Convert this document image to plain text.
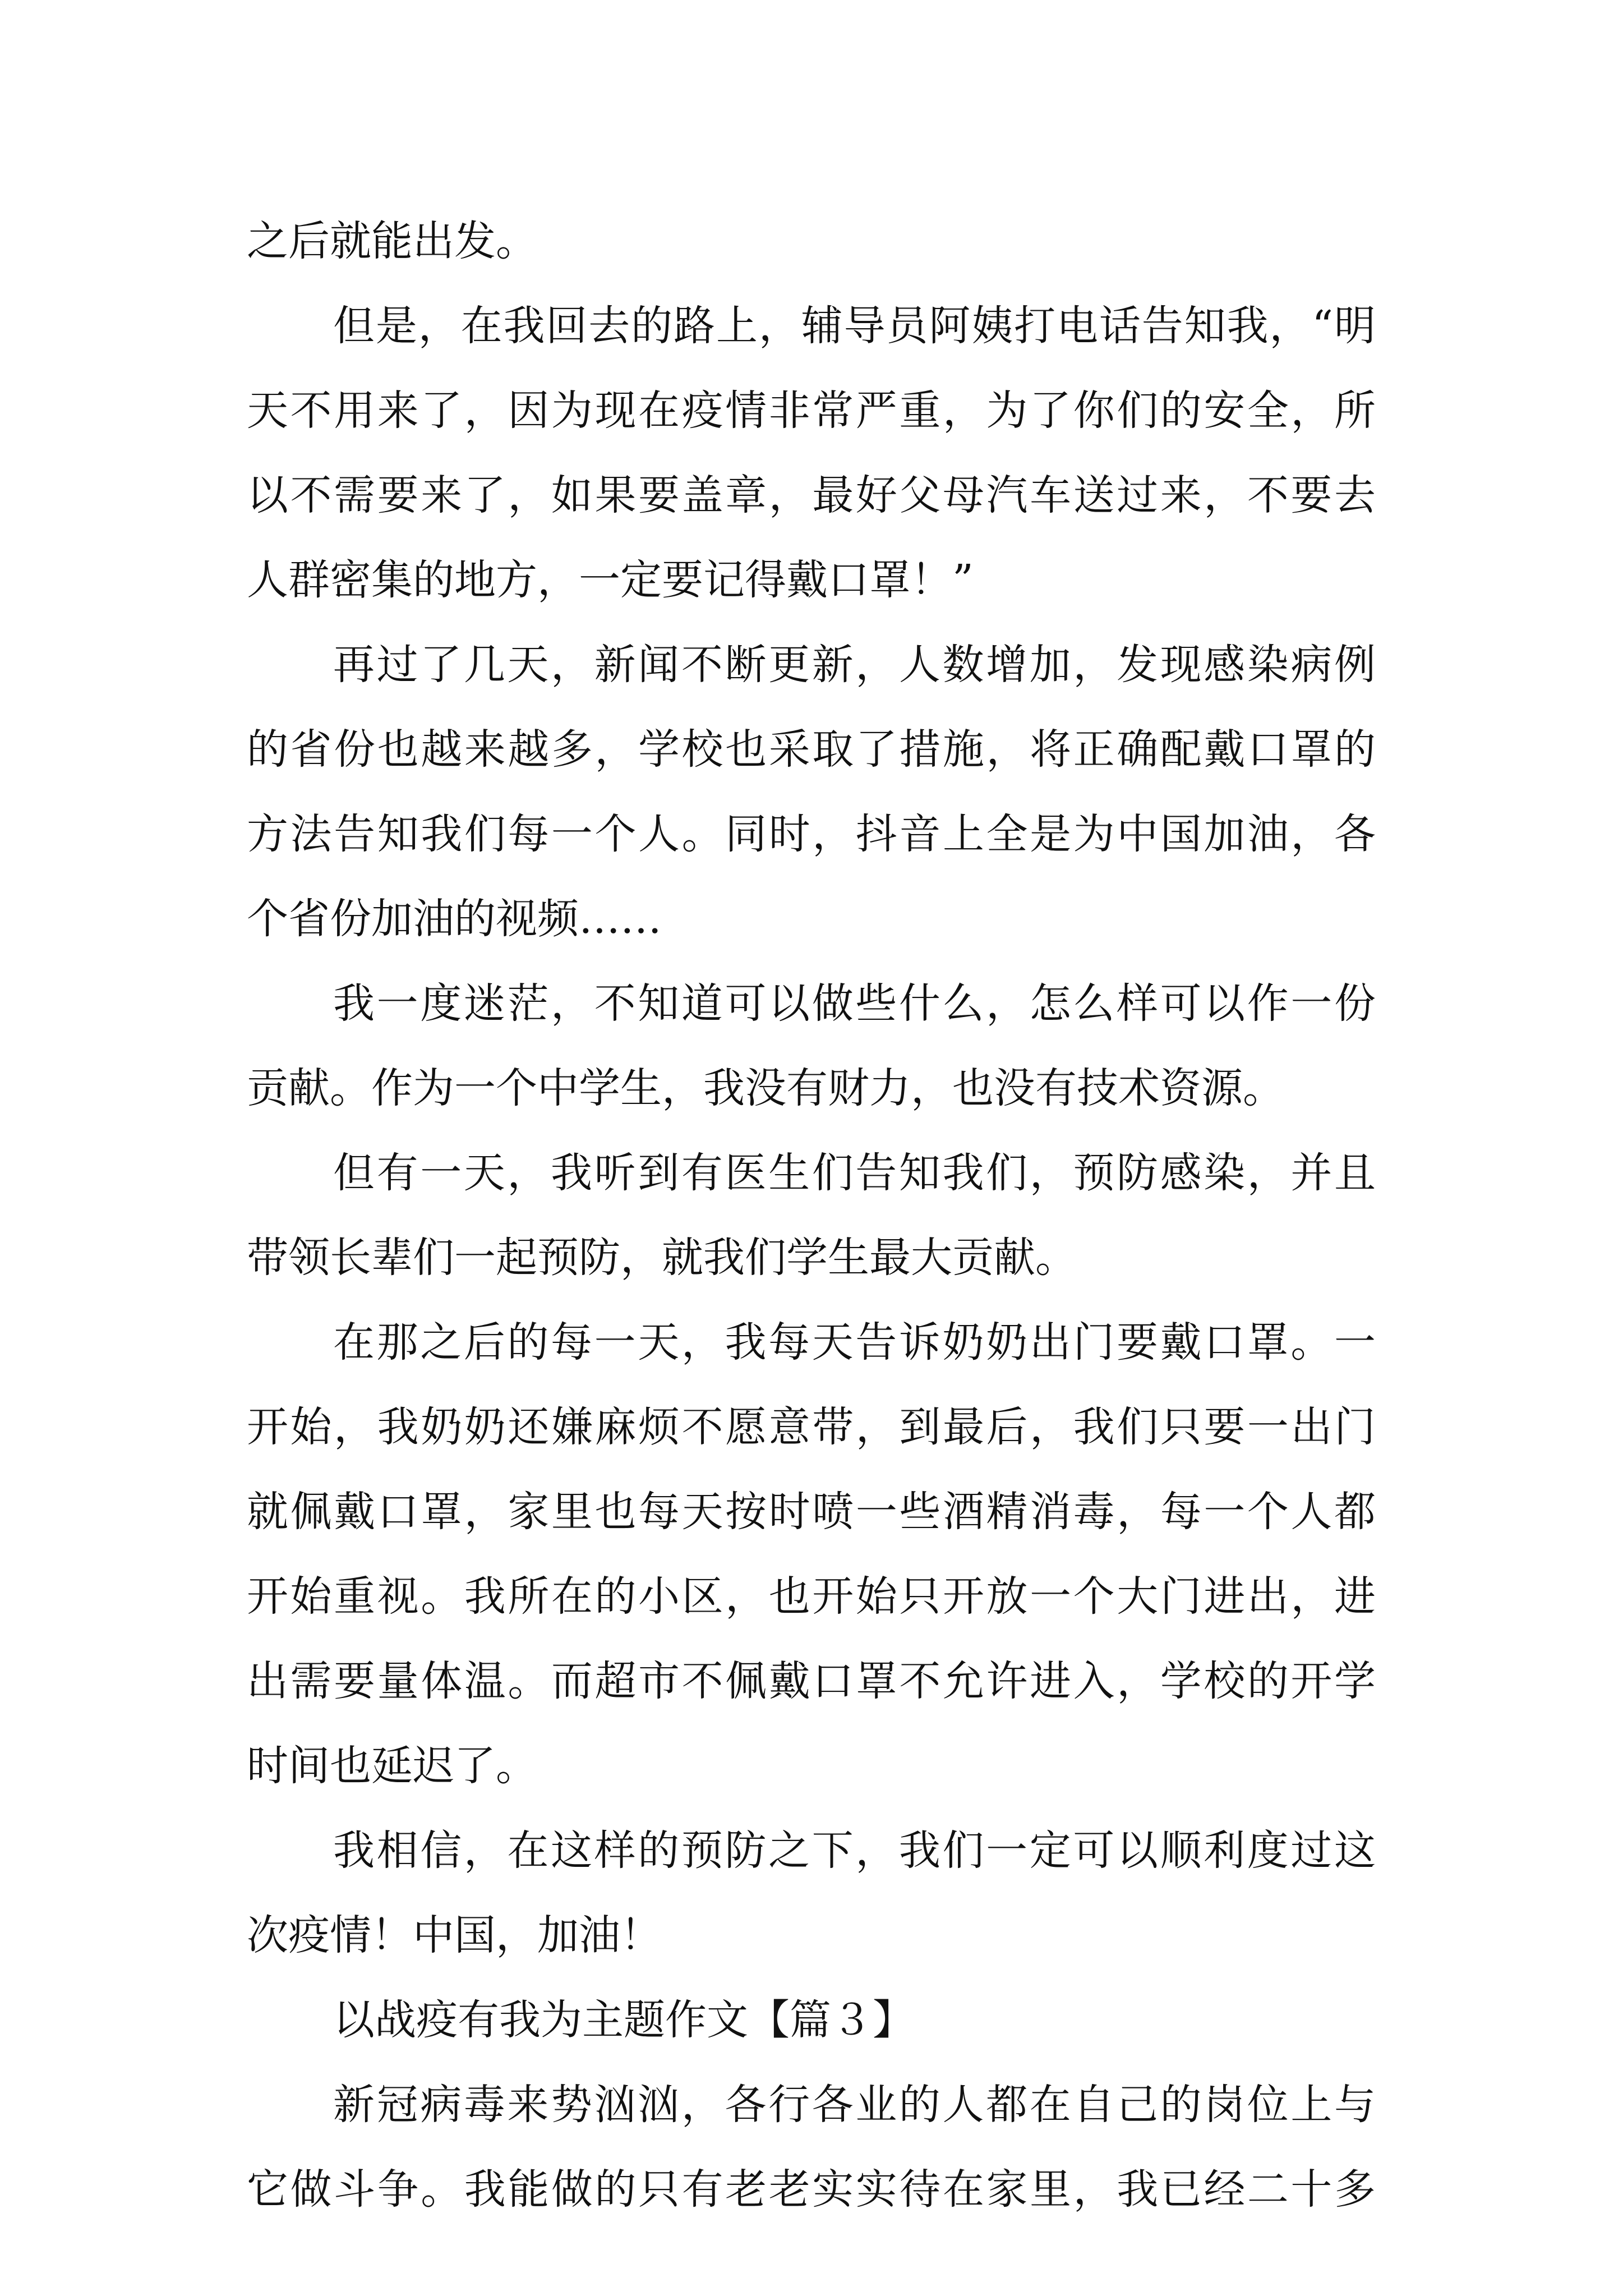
之后就能出发。
但是，在我回去的路上，辅导员阿姨打电话告知我，“明
天不用来了，因为现在疫情非常严重，为了你们的安全，所
以不需要来了，如果要盖章，最好父母汽车送过来，不要去
人群密集的地方，一定要记得戴口罩！”
再过了几天，新闻不断更新，人数增加，发现感染病例
的省份也越来越多，学校也采取了措施，将正确配戴口罩的
方法告知我们每一个人。同时，抖音上全是为中国加油，各
个省份加油的视频……
我一度迷茫，不知道可以做些什么，怎么样可以作一份
贡献。作为一个中学生，我没有财力，也没有技术资源。
但有一天，我听到有医生们告知我们，预防感染，并且
带领长辈们一起预防，就我们学生最大贡献。
在那之后的每一天，我每天告诉奶奶出门要戴口罩。一
开始，我奶奶还嫌麻烦不愿意带，到最后，我们只要一出门
就佩戴口罩，家里也每天按时喷一些酒精消毒，每一个人都
开始重视。我所在的小区，也开始只开放一个大门进出，进
出需要量体温。而超市不佩戴口罩不允许进入，学校的开学
时间也延迟了。
我相信，在这样的预防之下，我们一定可以顺利度过这
次疫情！中国，加油！
以战疫有我为主题作文【篇３】
新冠病毒来势汹汹，各行各业的人都在自己的岗位上与
它做斗争。我能做的只有老老实实待在家里，我已经二十多
